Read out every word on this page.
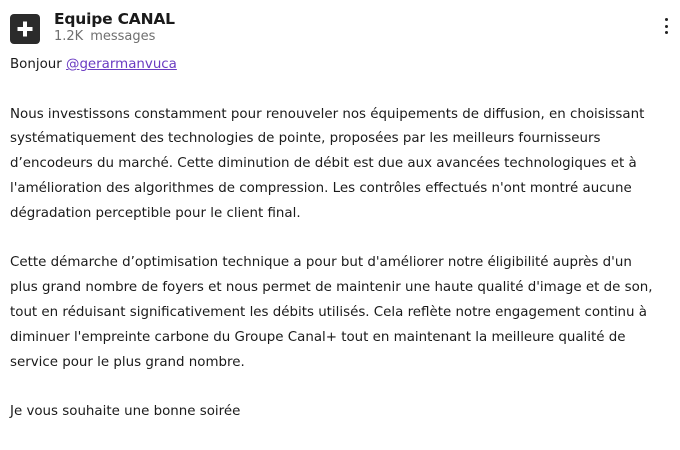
Equipe CANAL
1.2K messages

Bonjour @gerarmanvuca

Nous investissons constamment pour renouveler nos équipements de diffusion, en choisissant systématiquement des technologies de pointe, proposées par les meilleurs fournisseurs d’encodeurs du marché. Cette diminution de débit est due aux avancées technologiques et à l'amélioration des algorithmes de compression. Les contrôles effectués n'ont montré aucune dégradation perceptible pour le client final.

Cette démarche d’optimisation technique a pour but d'améliorer notre éligibilité auprès d'un plus grand nombre de foyers et nous permet de maintenir une haute qualité d'image et de son, tout en réduisant significativement les débits utilisés. Cela reflète notre engagement continu à diminuer l'empreinte carbone du Groupe Canal+ tout en maintenant la meilleure qualité de service pour le plus grand nombre.

Je vous souhaite une bonne soirée
